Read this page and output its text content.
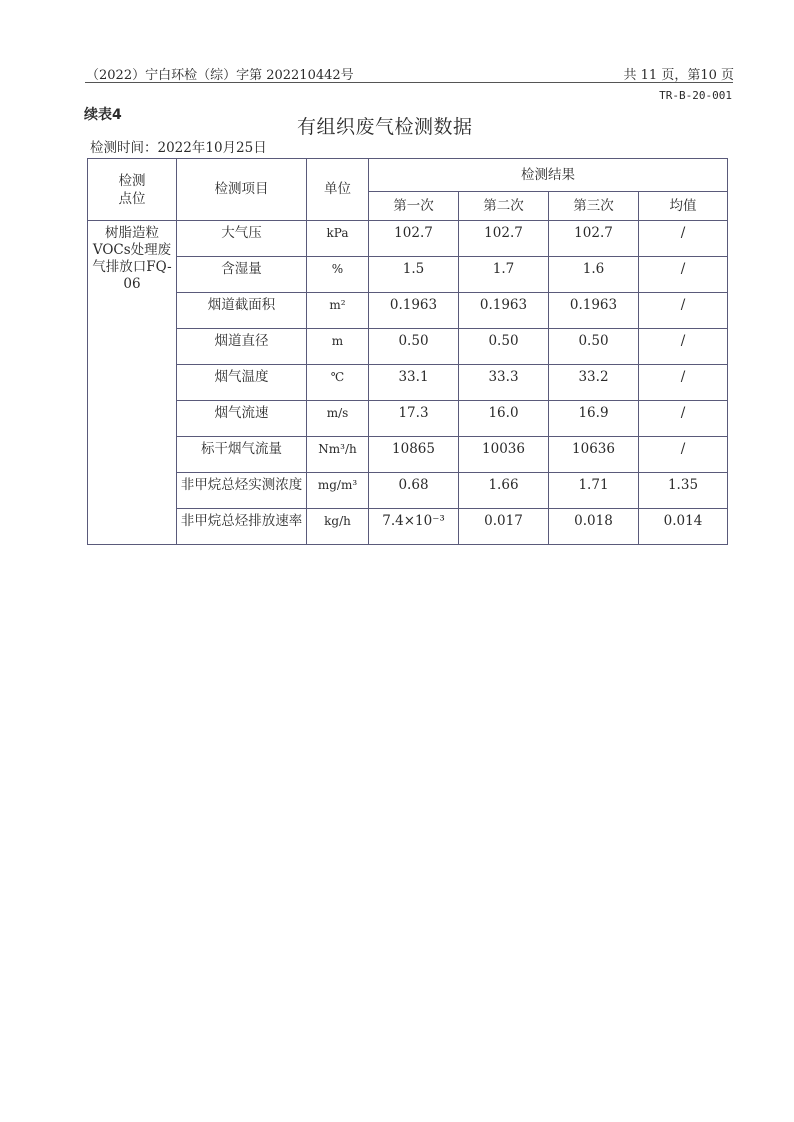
（2022）宁白环检（综）字第 202210442号	共 11 页，第10 页
TR-B-20-001
续表4
有组织废气检测数据
检测时间：2022年10月25日
检测
点位	检测项目	单位	检测结果			
			第一次	第二次	第三次	均值
树脂造粒VOCs处理废气排放口FQ-06	大气压	kPa	102.7	102.7	102.7	/
	含湿量	%	1.5	1.7	1.6	/
	烟道截面积	m²	0.1963	0.1963	0.1963	/
	烟道直径	m	0.50	0.50	0.50	/
	烟气温度	℃	33.1	33.3	33.2	/
	烟气流速	m/s	17.3	16.0	16.9	/
	标干烟气流量	Nm³/h	10865	10036	10636	/
	非甲烷总烃实测浓度	mg/m³	0.68	1.66	1.71	1.35
	非甲烷总烃排放速率	kg/h	7.4×10⁻³	0.017	0.018	0.014
